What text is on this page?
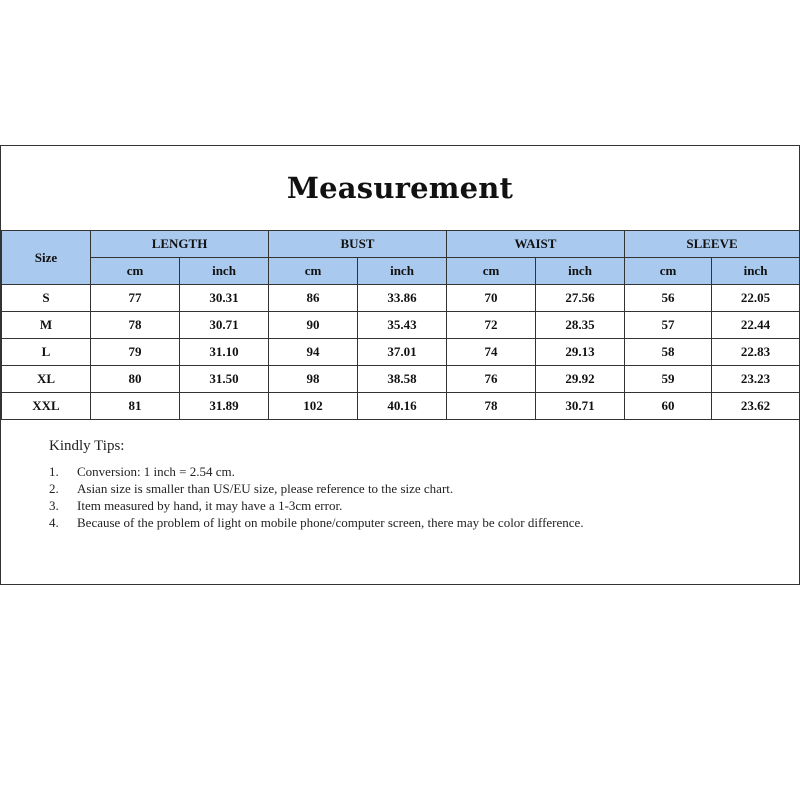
Measurement
Size	LENGTH		BUST		WAIST		SLEEVE	
	cm	inch	cm	inch	cm	inch	cm	inch
S	77	30.31	86	33.86	70	27.56	56	22.05
M	78	30.71	90	35.43	72	28.35	57	22.44
L	79	31.10	94	37.01	74	29.13	58	22.83
XL	80	31.50	98	38.58	76	29.92	59	23.23
XXL	81	31.89	102	40.16	78	30.71	60	23.62
Kindly Tips:
1.	Conversion: 1 inch = 2.54 cm.
2.	Asian size is smaller than US/EU size, please reference to the size chart.
3.	Item measured by hand, it may have a 1-3cm error.
4.	Because of the problem of light on mobile phone/computer screen, there may be color difference.
